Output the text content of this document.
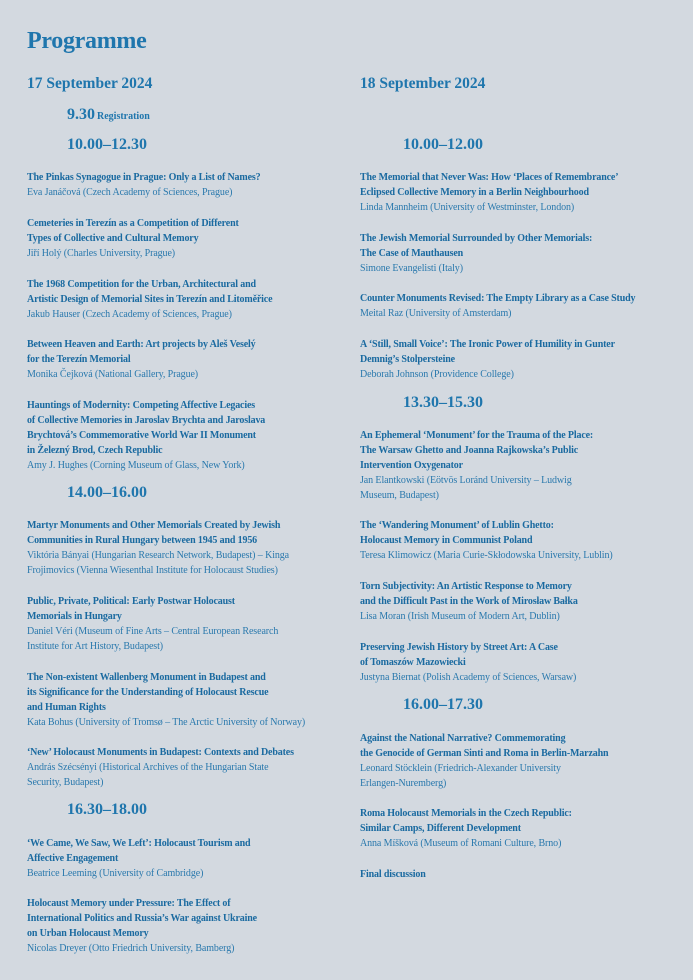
Programme
17 September 2024
9.30 Registration
10.00–12.30
The Pinkas Synagogue in Prague: Only a List of Names?
Eva Janáčová (Czech Academy of Sciences, Prague)
Cemeteries in Terezín as a Competition of Different
Types of Collective and Cultural Memory
Jiří Holý (Charles University, Prague)
The 1968 Competition for the Urban, Architectural and
Artistic Design of Memorial Sites in Terezín and Litoměřice
Jakub Hauser (Czech Academy of Sciences, Prague)
Between Heaven and Earth: Art projects by Aleš Veselý
for the Terezín Memorial
Monika Čejková (National Gallery, Prague)
Hauntings of Modernity: Competing Affective Legacies
of Collective Memories in Jaroslav Brychta and Jaroslava
Brychtová’s Commemorative World War II Monument
in Železný Brod, Czech Republic
Amy J. Hughes (Corning Museum of Glass, New York)
14.00–16.00
Martyr Monuments and Other Memorials Created by Jewish
Communities in Rural Hungary between 1945 and 1956
Viktória Bányai (Hungarian Research Network, Budapest) – Kinga
Frojimovics (Vienna Wiesenthal Institute for Holocaust Studies)
Public, Private, Political: Early Postwar Holocaust
Memorials in Hungary
Daniel Véri (Museum of Fine Arts – Central European Research
Institute for Art History, Budapest)
The Non-existent Wallenberg Monument in Budapest and
its Significance for the Understanding of Holocaust Rescue
and Human Rights
Kata Bohus (University of Tromsø – The Arctic University of Norway)
‘New’ Holocaust Monuments in Budapest: Contexts and Debates
András Szécsényi (Historical Archives of the Hungarian State
Security, Budapest)
16.30–18.00
‘We Came, We Saw, We Left’: Holocaust Tourism and
Affective Engagement
Beatrice Leeming (University of Cambridge)
Holocaust Memory under Pressure: The Effect of
International Politics and Russia’s War against Ukraine
on Urban Holocaust Memory
Nicolas Dreyer (Otto Friedrich University, Bamberg)
18 September 2024
10.00–12.00
The Memorial that Never Was: How ‘Places of Remembrance’
Eclipsed Collective Memory in a Berlin Neighbourhood
Linda Mannheim (University of Westminster, London)
The Jewish Memorial Surrounded by Other Memorials:
The Case of Mauthausen
Simone Evangelisti (Italy)
Counter Monuments Revised: The Empty Library as a Case Study
Meital Raz (University of Amsterdam)
A ‘Still, Small Voice’: The Ironic Power of Humility in Gunter
Demnig’s Stolpersteine
Deborah Johnson (Providence College)
13.30–15.30
An Ephemeral ‘Monument’ for the Trauma of the Place:
The Warsaw Ghetto and Joanna Rajkowska’s Public
Intervention Oxygenator
Jan Elantkowski (Eötvös Loránd University – Ludwig
Museum, Budapest)
The ‘Wandering Monument’ of Lublin Ghetto:
Holocaust Memory in Communist Poland
Teresa Klimowicz (Maria Curie-Skłodowska University, Lublin)
Torn Subjectivity: An Artistic Response to Memory
and the Difficult Past in the Work of Mirosław Bałka
Lisa Moran (Irish Museum of Modern Art, Dublin)
Preserving Jewish History by Street Art: A Case
of Tomaszów Mazowiecki
Justyna Biernat (Polish Academy of Sciences, Warsaw)
16.00–17.30
Against the National Narrative? Commemorating
the Genocide of German Sinti and Roma in Berlin-Marzahn
Leonard Stöcklein (Friedrich-Alexander University
Erlangen-Nuremberg)
Roma Holocaust Memorials in the Czech Republic:
Similar Camps, Different Development
Anna Míšková (Museum of Romani Culture, Brno)
Final discussion
